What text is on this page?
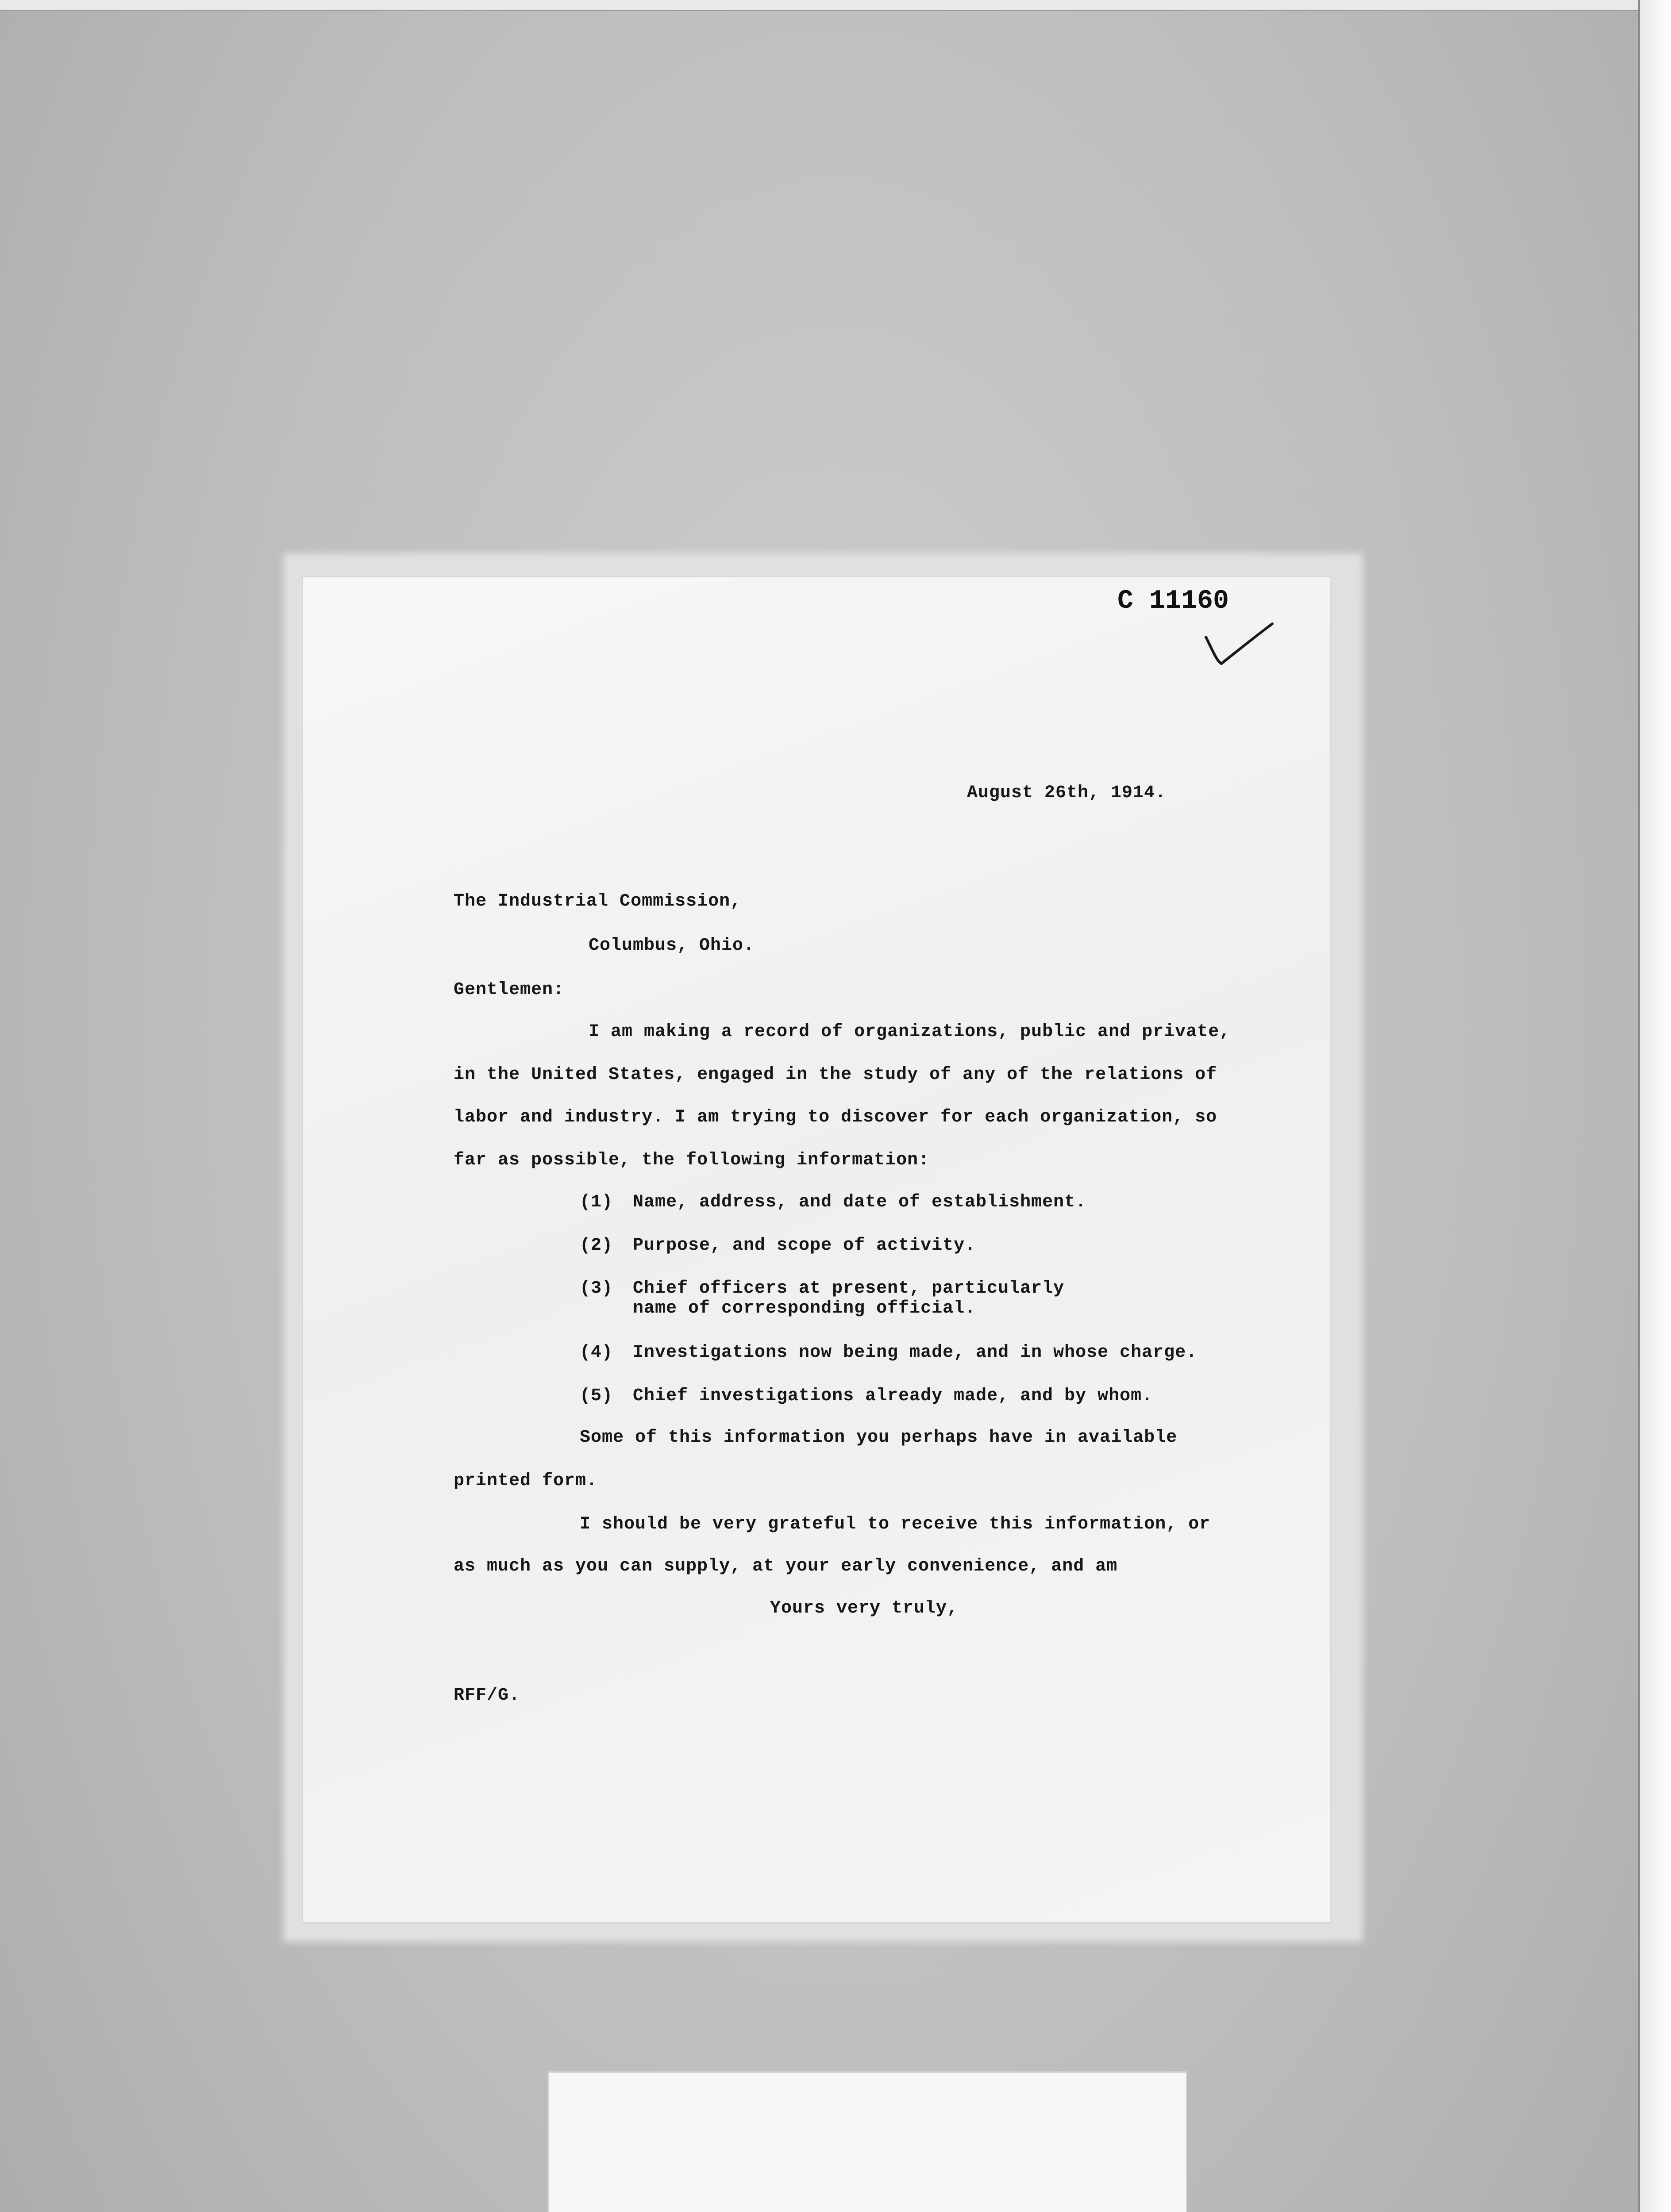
C 11160
August 26th, 1914.
The Industrial Commission,
Columbus, Ohio.
Gentlemen:
I am making a record of organizations, public and private,
in the United States, engaged in the study of any of the relations of
labor and industry. I am trying to discover for each organization, so
far as possible, the following information:
(1) Name, address, and date of establishment.
(2) Purpose, and scope of activity.
(3) Chief officers at present, particularly
name of corresponding official.
(4) Investigations now being made, and in whose charge.
(5) Chief investigations already made, and by whom.
Some of this information you perhaps have in available
printed form.
I should be very grateful to receive this information, or
as much as you can supply, at your early convenience, and am
Yours very truly,
RFF/G.
